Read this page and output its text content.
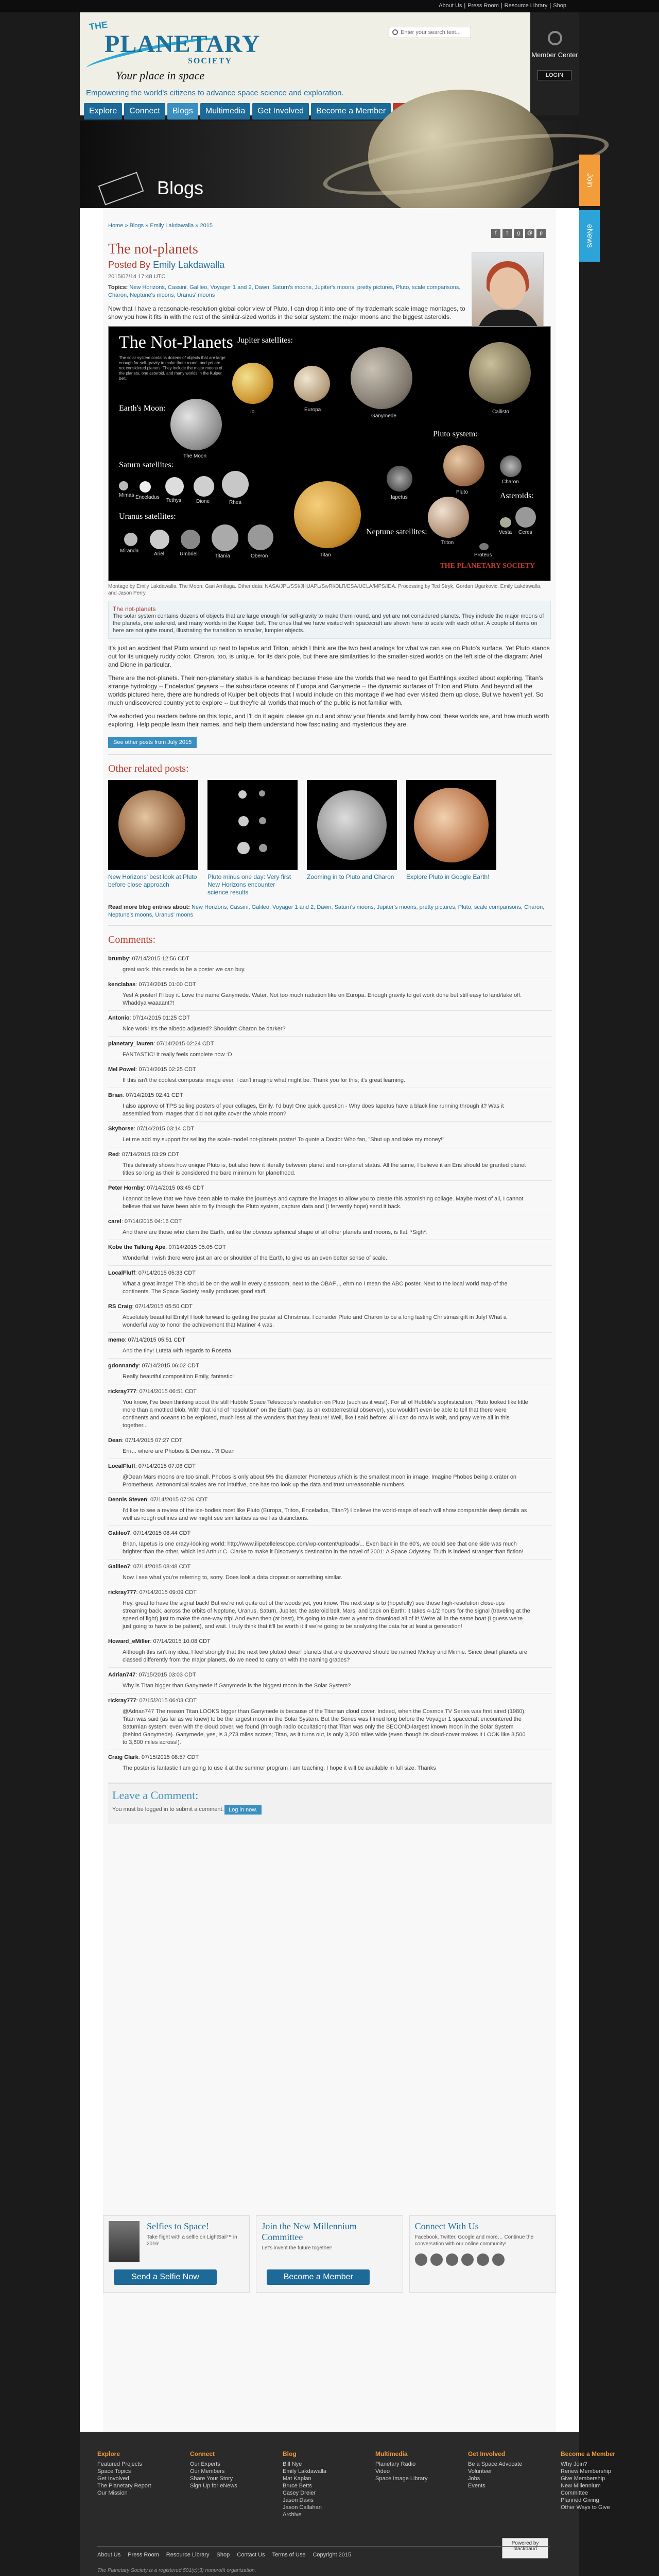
About Us | Press Room | Resource Library | Shop
THE
PLANETARY
SOCIETY
Your place in space
Empowering the world's citizens to advance space science and exploration.
Enter your search text...
Member Center
LOGIN
Explore	Connect	Blogs	Multimedia	Get Involved	Become a Member
Blogs	Join
eNews
Home » Blogs » Emily Lakdawalla » 2015
f	t	g	@	p
The not-planets
Posted By Emily Lakdawalla
2015/07/14 17:48 UTC
Topics: New Horizons, Cassini, Galileo, Voyager 1 and 2, Dawn, Saturn's moons, Jupiter's moons, pretty pictures, Pluto, scale comparisons, Charon, Neptune's moons, Uranus' moons

Now that I have a reasonable-resolution global color view of Pluto, I can drop it into one of my trademark scale image montages, to show you how it fits in with the rest of the similar-sized worlds in the solar system: the major moons and the biggest asteroids.

The Not-Planets
The solar system contains dozens of objects that are large enough for self-gravity to make them round, and yet are not considered planets. They include the major moons of the planets, one asteroid, and many worlds in the Kuiper belt.
Jupiter satellites:
Earth's Moon:
Saturn satellites:
Pluto system:
Uranus satellites:
Neptune satellites:
Asteroids:
Io	Europa
Ganymede
Callisto
The Moon
Mimas Enceladus
Tethys	Dione	Rhea
Titan
Iapetus
Pluto
Charon
Miranda
Ariel	Umbriel	Titania	Oberon
Triton
Proteus
Ceres
Vesta
THE PLANETARY SOCIETY
Montage by Emily Lakdawalla. The Moon: Gari Arrillaga. Other data: NASA/JPL/SSI/JHUAPL/SwRI/DLR/ESA/UCLA/MPS/IDA. Processing by Ted Stryk, Gordan Ugarkovic, Emily Lakdawalla, and Jason Perry.
The not-planets
The solar system contains dozens of objects that are large enough for self-gravity to make them round, and yet are not considered planets. They include the major moons of the planets, one asteroid, and many worlds in the Kuiper belt. The ones that we have visited with spacecraft are shown here to scale with each other. A couple of items on here are not quite round, illustrating the transition to smaller, lumpier objects.

It's just an accident that Pluto wound up next to Iapetus and Triton, which I think are the two best analogs for what we can see on Pluto's surface. Yet Pluto stands out for its uniquely ruddy color. Charon, too, is unique, for its dark pole, but there are similarities to the smaller-sized worlds on the left side of the diagram: Ariel and Dione in particular.

There are the not-planets. Their non-planetary status is a handicap because these are the worlds that we need to get Earthlings excited about exploring. Titan's strange hydrology -- Enceladus' geysers -- the subsurface oceans of Europa and Ganymede -- the dynamic surfaces of Triton and Pluto. And beyond all the worlds pictured here, there are hundreds of Kuiper belt objects that I would include on this montage if we had ever visited them up close. But we haven't yet. So much undiscovered country yet to explore -- but they're all worlds that much of the public is not familiar with.

I've exhorted you readers before on this topic, and I'll do it again: please go out and show your friends and family how cool these worlds are, and how much worth exploring. Help people learn their names, and help them understand how fascinating and mysterious they are.

See other posts from July 2015
Other related posts:
New Horizons' best look at Pluto before close approach
Pluto minus one day: Very first New Horizons encounter science results
Zooming in to Pluto and Charon	Explore Pluto in Google Earth!
Read more blog entries about: New Horizons, Cassini, Galileo, Voyager 1 and 2, Dawn, Saturn's moons, Jupiter's moons, pretty pictures, Pluto, scale comparisons, Charon, Neptune's moons, Uranus' moons
Comments:
brumby: 07/14/2015 12:56 CDT
great work. this needs to be a poster we can buy.
kenclabas: 07/14/2015 01:00 CDT
Yes! A poster! I'll buy it. Love the name Ganymede. Water. Not too much radiation like on Europa. Enough gravity to get work done but still easy to land/take off. Whaddya waaaant?!
Antonio: 07/14/2015 01:25 CDT
Nice work! It's the albedo adjusted? Shouldn't Charon be darker?
planetary_lauren: 07/14/2015 02:24 CDT
FANTASTIC! It really feels complete now :D
Mel Powel: 07/14/2015 02:25 CDT
If this isn't the coolest composite image ever, I can't imagine what might be. Thank you for this; it's great learning.
Brian: 07/14/2015 02:41 CDT
I also approve of TPS selling posters of your collages, Emily. I'd buy! One quick question - Why does Iapetus have a black line running through it? Was it assembled from images that did not quite cover the whole moon?
Skyhorse: 07/14/2015 03:14 CDT
Let me add my support for selling the scale-model not-planets poster! To quote a Doctor Who fan, "Shut up and take my money!"
Red: 07/14/2015 03:29 CDT
This definitely shows how unique Pluto is, but also how it literally between planet and non-planet status. All the same, I believe it an Eris should be granted planet titles so long as their is considered the bare minimum for planethood.
Peter Hornby: 07/14/2015 03:45 CDT
I cannot believe that we have been able to make the journeys and capture the images to allow you to create this astonishing collage. Maybe most of all, I cannot believe that we have been able to fly through the Pluto system, capture data and (I fervently hope) send it back.
carel: 07/14/2015 04:16 CDT
And there are those who claim the Earth, unlike the obvious spherical shape of all other planets and moons, is flat. *Sigh*.
Kobe the Talking Ape: 07/14/2015 05:05 CDT
Wonderful! I wish there were just an arc or shoulder of the Earth, to give us an even better sense of scale.
LocalFluff: 07/14/2015 05:33 CDT
What a great image! This should be on the wall in every classroom, next to the OBAF..., ehm no I mean the ABC poster. Next to the local world map of the continents. The Space Society really produces good stuff.
RS Craig: 07/14/2015 05:50 CDT
Absolutely beautiful Emily! I look forward to getting the poster at Christmas. I consider Pluto and Charon to be a long lasting Christmas gift in July! What a wonderful way to honor the achievement that Mariner 4 was.
memo: 07/14/2015 05:51 CDT
And the tiny! Luteta with regards to Rosetta.
gdonnandy: 07/14/2015 06:02 CDT
Really beautiful composition Emily, fantastic!
rickray777: 07/14/2015 06:51 CDT
You know, I've been thinking about the still Hubble Space Telescope's resolution on Pluto (such as it was!). For all of Hubble's sophistication, Pluto looked like little more than a mottled blob. With that kind of "resolution" on the Earth (say, as an extraterrestrial observer), you wouldn't even be able to tell that there were continents and oceans to be explored, much less all the wonders that they feature! Well, like I said before: all I can do now is wait, and pray we're all in this together...
Dean: 07/14/2015 07:27 CDT
Errr... where are Phobos & Deimos...?! Dean
LocalFluff: 07/14/2015 07:06 CDT
@Dean Mars moons are too small. Phobos is only about 5% the diameter Prometeus which is the smallest moon in image. Imagine Phobos being a crater on Prometheus. Astronomical scales are not intuitive, one has too look up the data and trust unreasonable numbers.
Dennis Steven: 07/14/2015 07:26 CDT
I'd like to see a review of the ice-bodies most like Pluto (Europa, Triton, Enceladus, Titan?) I believe the world-maps of each will show comparable deep details as well as rough outlines and we might see similarities as well as distinctions.
Galileo7: 07/14/2015 08:44 CDT
Brian, Iapetus is one crazy-looking world: http://www.ilipetellelescope.com/wp-content/uploads/... Even back in the 60's, we could see that one side was much brighter than the other, which led Arthur C. Clarke to make it Discovery's destination in the novel of 2001: A Space Odyssey. Truth is indeed stranger than fiction!
Galileo7: 07/14/2015 08:48 CDT
Now I see what you're referring to, sorry. Does look a data dropout or something similar.
rickray777: 07/14/2015 09:09 CDT
Hey, great to have the signal back! But we're not quite out of the woods yet, you know. The next step is to (hopefully) see those high-resolution close-ups streaming back, across the orbits of Neptune, Uranus, Saturn, Jupiter, the asteroid belt, Mars, and back on Earth; it takes 4-1/2 hours for the signal (traveling at the speed of light) just to make the one-way trip! And even then (at best), it's going to take over a year to download all of it! We're all in the same boat (I guess we're just going to have to be patient), and wait. I truly think that it'll be worth it if we're going to be analyzing the data for at least a generation!
Howard_eMiller: 07/14/2015 10:08 CDT
Although this isn't my idea, I feel strongly that the next two plutoid dwarf planets that are discovered should be named Mickey and Minnie. Since dwarf planets are classed differently from the major planets, do we need to carry on with the naming grades?
Adrian747: 07/15/2015 03:03 CDT
Why is Titan bigger than Ganymede if Ganymede is the biggest moon in the Solar System?
rickray777: 07/15/2015 06:03 CDT
@Adrian747 The reason Titan LOOKS bigger than Ganymede is because of the Titanian cloud cover. Indeed, when the Cosmos TV Series was first aired (1980), Titan was said (as far as we knew) to be the largest moon in the Solar System. But the Series was filmed long before the Voyager 1 spacecraft encountered the Saturnian system; even with the cloud cover, we found (through radio occultation) that Titan was only the SECOND-largest known moon in the Solar System (behind Ganymede). Ganymede, yes, is 3,273 miles across; Titan, as it turns out, is only 3,200 miles wide (even though its cloud-cover makes it LOOK like 3,500 to 3,600 miles across!).
Craig Clark: 07/15/2015 08:57 CDT
The poster is fantastic I am going to use it at the summer program I am teaching. I hope it will be available in full size. Thanks
Leave a Comment:
You must be logged in to submit a comment. Log in now.
Selfies to Space!

Take flight with a selfie on LightSail™ in 2016!

Send a Selfie Now
Join the New Millennium Committee

Let's invent the future together!

Become a Member
Connect With Us

Facebook, Twitter, Google and more… Continue the conversation with our online community!

Explore
Featured Projects
Space Topics
Get Involved
The Planetary Report
Our Mission
Connect
Our Experts
Our Members
Share Your Story
Sign Up for eNews
Blog
Bill Nye
Emily Lakdawalla
Mat Kaplan
Bruce Betts
Casey Dreier
Jason Davis
Jason Callahan
Archive
Multimedia
Planetary Radio
Video
Space Image Library
Get Involved
Be a Space Advocate
Volunteer
Jobs
Events
Become a Member
Why Join?
Renew Membership
Give Membership
New Millennium Committee
Planned Giving
Other Ways to Give
Powered by blackbaud
About Us Press Room Resource Library Shop Contact Us Terms of Use Copyright 2015
The Planetary Society is a registered 501(c)(3) nonprofit organization.
